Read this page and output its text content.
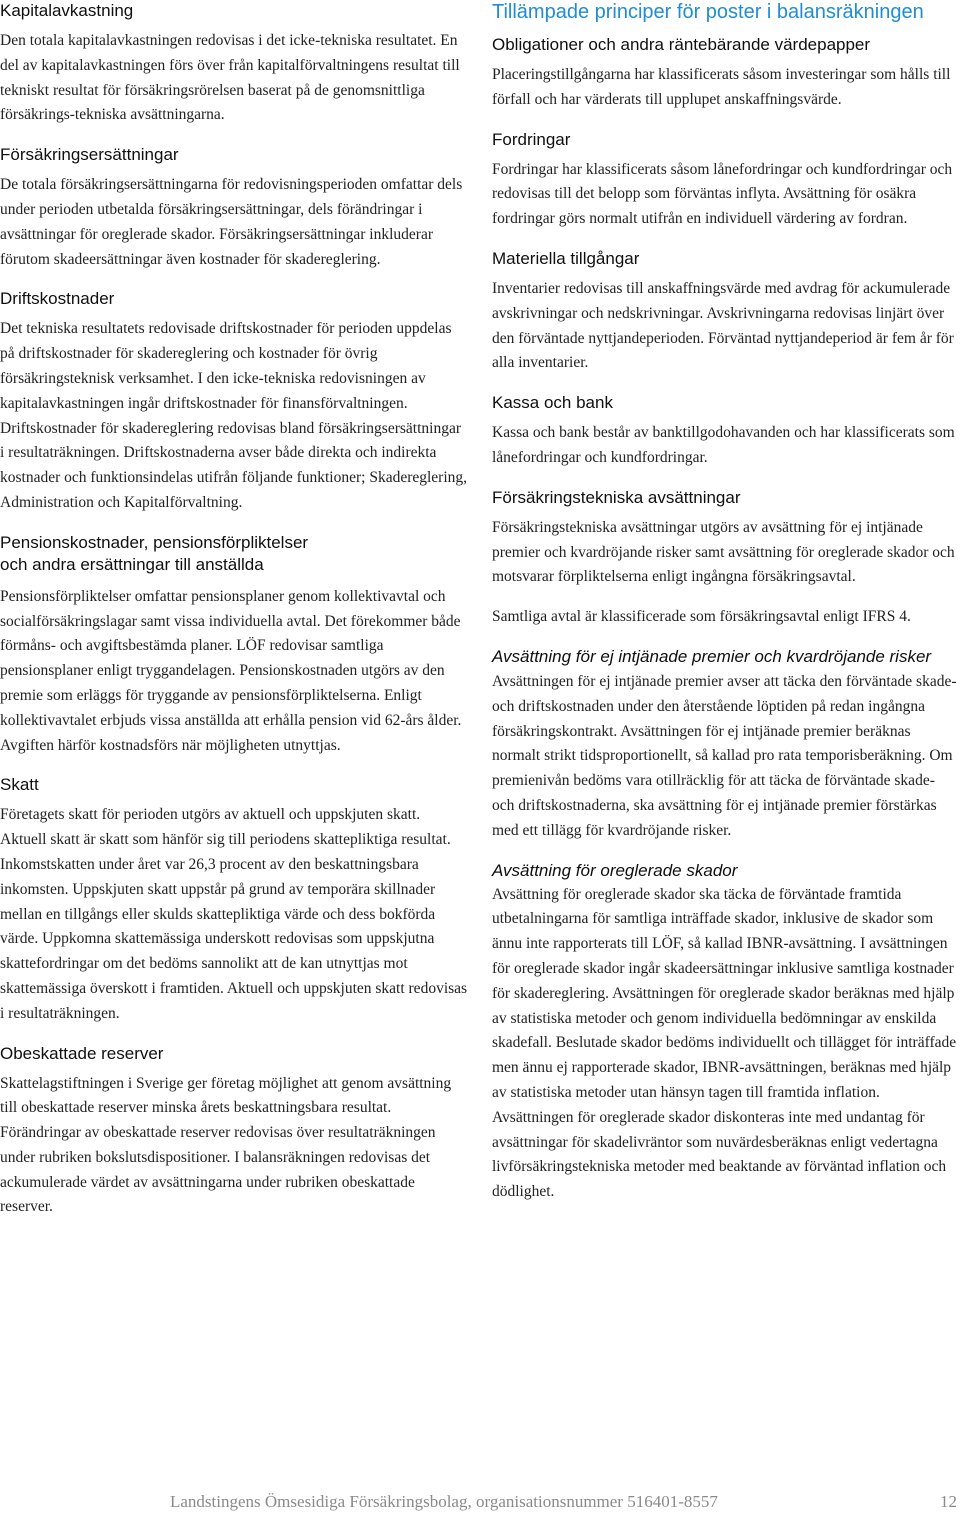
Kapitalavkastning

Den totala kapitalavkastningen redovisas i det icke-tekniska resultatet. En del av kapitalavkastningen förs över från kapitalförvaltningens resultat till tekniskt resultat för försäkringsrörelsen baserat på de genomsnittliga försäkrings-tekniska avsättningarna.

Försäkringsersättningar

De totala försäkringsersättningarna för redovisningsperioden omfattar dels under perioden utbetalda försäkringsersättningar, dels förändringar i avsättningar för oreglerade skador. Försäkringsersättningar inkluderar förutom skadeersättningar även kostnader för skadereglering.

Driftskostnader

Det tekniska resultatets redovisade driftskostnader för perioden uppdelas på driftskostnader för skadereglering och kostnader för övrig försäkringsteknisk verksamhet. I den icke-tekniska redovisningen av kapitalavkastningen ingår driftskostnader för finansförvaltningen. Driftskostnader för skadereglering redovisas bland försäkringsersättningar i resultaträkningen. Driftskostnaderna avser både direkta och indirekta kostnader och funktionsindelas utifrån följande funktioner; Skadereglering, Administration och Kapitalförvaltning.

Pensionskostnader, pensionsförpliktelser
och andra ersättningar till anställda

Pensionsförpliktelser omfattar pensionsplaner genom kollektivavtal och socialförsäkringslagar samt vissa individuella avtal. Det förekommer både förmåns- och avgiftsbestämda planer. LÖF redovisar samtliga pensionsplaner enligt tryggandelagen. Pensionskostnaden utgörs av den premie som erläggs för tryggande av pensionsförpliktelserna. Enligt kollektivavtalet erbjuds vissa anställda att erhålla pension vid 62-års ålder. Avgiften härför kostnadsförs när möjligheten utnyttjas.

Skatt

Företagets skatt för perioden utgörs av aktuell och uppskjuten skatt. Aktuell skatt är skatt som hänför sig till periodens skattepliktiga resultat. Inkomstskatten under året var 26,3 procent av den beskattningsbara inkomsten. Uppskjuten skatt uppstår på grund av temporära skillnader mellan en tillgångs eller skulds skattepliktiga värde och dess bokförda värde. Uppkomna skattemässiga underskott redovisas som uppskjutna skattefordringar om det bedöms sannolikt att de kan utnyttjas mot skattemässiga överskott i framtiden. Aktuell och uppskjuten skatt redovisas i resultaträkningen.

Obeskattade reserver

Skattelagstiftningen i Sverige ger företag möjlighet att genom avsättning till obeskattade reserver minska årets beskattningsbara resultat. Förändringar av obeskattade reserver redovisas över resultaträkningen under rubriken bokslutsdispositioner. I balansräkningen redovisas det ackumulerade värdet av avsättningarna under rubriken obeskattade reserver.

Tillämpade principer för poster i balansräkningen
Obligationer och andra räntebärande värdepapper

Placeringstillgångarna har klassificerats såsom investeringar som hålls till förfall och har värderats till upplupet anskaffningsvärde.

Fordringar

Fordringar har klassificerats såsom lånefordringar och kundfordringar och redovisas till det belopp som förväntas inflyta. Avsättning för osäkra fordringar görs normalt utifrån en individuell värdering av fordran.

Materiella tillgångar

Inventarier redovisas till anskaffningsvärde med avdrag för ackumulerade avskrivningar och nedskrivningar. Avskrivningarna redovisas linjärt över den förväntade nyttjandeperioden. Förväntad nyttjandeperiod är fem år för alla inventarier.

Kassa och bank

Kassa och bank består av banktillgodohavanden och har klassificerats som lånefordringar och kundfordringar.

Försäkringstekniska avsättningar

Försäkringstekniska avsättningar utgörs av avsättning för ej intjänade premier och kvardröjande risker samt avsättning för oreglerade skador och motsvarar förpliktelserna enligt ingångna försäkringsavtal.

Samtliga avtal är klassificerade som försäkringsavtal enligt IFRS 4.

Avsättning för ej intjänade premier och kvardröjande risker

Avsättningen för ej intjänade premier avser att täcka den förväntade skade- och driftskostnaden under den återstående löptiden på redan ingångna försäkringskontrakt. Avsättningen för ej intjänade premier beräknas normalt strikt tidsproportionellt, så kallad pro rata temporisberäkning. Om premienivån bedöms vara otillräcklig för att täcka de förväntade skade- och driftskostnaderna, ska avsättning för ej intjänade premier förstärkas med ett tillägg för kvardröjande risker.

Avsättning för oreglerade skador

Avsättning för oreglerade skador ska täcka de förväntade framtida utbetalningarna för samtliga inträffade skador, inklusive de skador som ännu inte rapporterats till LÖF, så kallad IBNR-avsättning. I avsättningen för oreglerade skador ingår skadeersättningar inklusive samtliga kostnader för skadereglering. Avsättningen för oreglerade skador beräknas med hjälp av statistiska metoder och genom individuella bedömningar av enskilda skadefall. Beslutade skador bedöms individuellt och tillägget för inträffade men ännu ej rapporterade skador, IBNR-avsättningen, beräknas med hjälp av statistiska metoder utan hänsyn tagen till framtida inflation. Avsättningen för oreglerade skador diskonteras inte med undantag för avsättningar för skadelivräntor som nuvärdesberäknas enligt vedertagna livförsäkringstekniska metoder med beaktande av förväntad inflation och dödlighet.

Landstingens Ömsesidiga Försäkringsbolag, organisationsnummer 516401-8557	12
